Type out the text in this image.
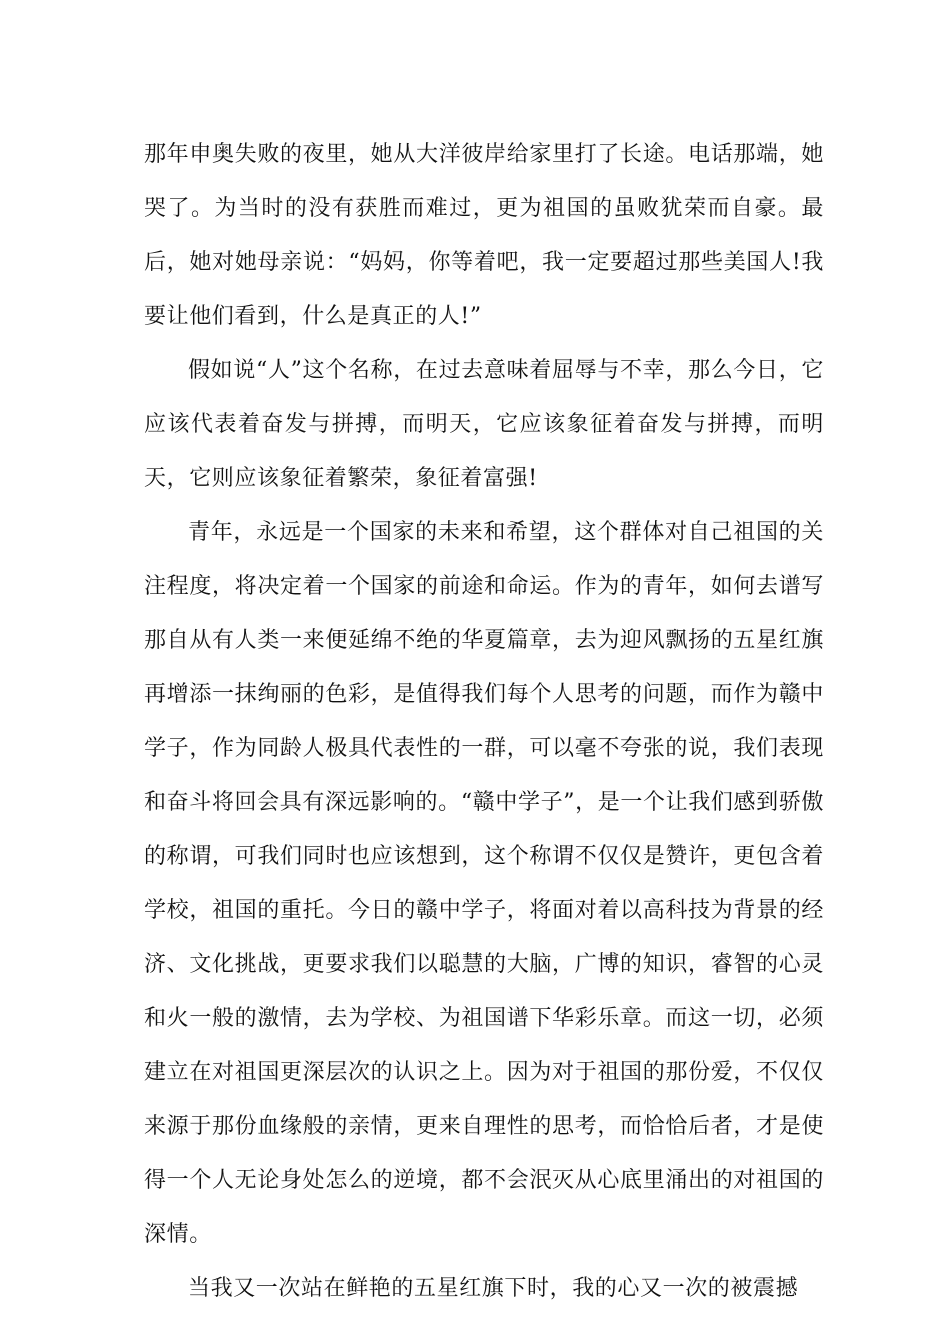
那年申奥失败的夜里，她从大洋彼岸给家里打了长途。电话那端，她哭了。为当时的没有获胜而难过，更为祖国的虽败犹荣而自豪。最后，她对她母亲说：“妈妈，你等着吧，我一定要超过那些美国人!我要让他们看到，什么是真正的人!”

假如说“人”这个名称，在过去意味着屈辱与不幸，那么今日，它应该代表着奋发与拼搏，而明天，它应该象征着奋发与拼搏，而明天，它则应该象征着繁荣，象征着富强!

青年，永远是一个国家的未来和希望，这个群体对自己祖国的关注程度，将决定着一个国家的前途和命运。作为的青年，如何去谱写那自从有人类一来便延绵不绝的华夏篇章，去为迎风飘扬的五星红旗再增添一抹绚丽的色彩，是值得我们每个人思考的问题，而作为赣中学子，作为同龄人极具代表性的一群，可以毫不夸张的说，我们表现和奋斗将回会具有深远影响的。“赣中学子”，是一个让我们感到骄傲的称谓，可我们同时也应该想到，这个称谓不仅仅是赞许，更包含着学校，祖国的重托。今日的赣中学子，将面对着以高科技为背景的经济、文化挑战，更要求我们以聪慧的大脑，广博的知识，睿智的心灵和火一般的激情，去为学校、为祖国谱下华彩乐章。而这一切，必须建立在对祖国更深层次的认识之上。因为对于祖国的那份爱，不仅仅来源于那份血缘般的亲情，更来自理性的思考，而恰恰后者，才是使得一个人无论身处怎么的逆境，都不会泯灭从心底里涌出的对祖国的深情。

当我又一次站在鲜艳的五星红旗下时，我的心又一次的被震撼
